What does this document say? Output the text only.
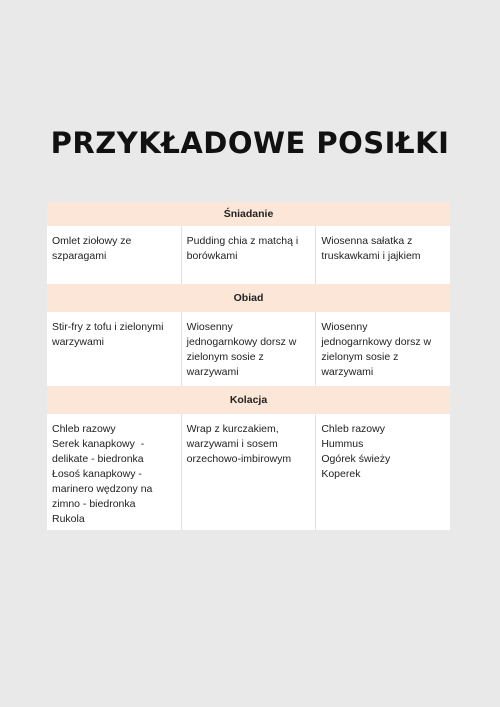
PRZYKŁADOWE POSIŁKI
Śniadanie
Omlet ziołowy ze
szparagami
Pudding chia z matchą i
borówkami
Wiosenna sałatka z
truskawkami i jajkiem
Obiad
Stir-fry z tofu i zielonymi
warzywami
Wiosenny
jednogarnkowy dorsz w
zielonym sosie z
warzywami
Wiosenny
jednogarnkowy dorsz w
zielonym sosie z
warzywami
Kolacja
Chleb razowy
Serek kanapkowy  -
delikate - biedronka
Łosoś kanapkowy -
marinero wędzony na
zimno - biedronka
Rukola
Wrap z kurczakiem,
warzywami i sosem
orzechowo-imbirowym
Chleb razowy
Hummus
Ogórek świeży
Koperek
